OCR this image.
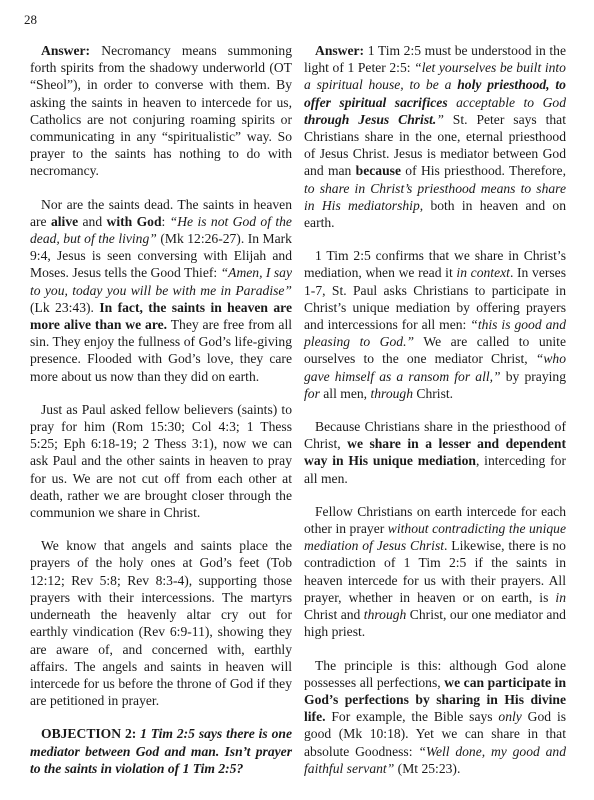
28

Answer: Necromancy means summoning forth spirits from the shadowy underworld (OT “Sheol”), in order to converse with them. By asking the saints in heaven to intercede for us, Catholics are not conjuring roaming spirits or communicating in any “spiritualistic” way. So prayer to the saints has nothing to do with necromancy.

Nor are the saints dead. The saints in heaven are alive and with God: “He is not God of the dead, but of the living” (Mk 12:26-27). In Mark 9:4, Jesus is seen conversing with Elijah and Moses. Jesus tells the Good Thief: “Amen, I say to you, today you will be with me in Paradise” (Lk 23:43). In fact, the saints in heaven are more alive than we are. They are free from all sin. They enjoy the fullness of God’s life-giving presence. Flooded with God’s love, they care more about us now than they did on earth.

Just as Paul asked fellow believers (saints) to pray for him (Rom 15:30; Col 4:3; 1 Thess 5:25; Eph 6:18-19; 2 Thess 3:1), now we can ask Paul and the other saints in heaven to pray for us. We are not cut off from each other at death, rather we are brought closer through the communion we share in Christ.

We know that angels and saints place the prayers of the holy ones at God’s feet (Tob 12:12; Rev 5:8; Rev 8:3-4), supporting those prayers with their intercessions. The martyrs underneath the heavenly altar cry out for earthly vindication (Rev 6:9-11), showing they are aware of, and concerned with, earthly affairs. The angels and saints in heaven will intercede for us before the throne of God if they are petitioned in prayer.

OBJECTION 2: 1 Tim 2:5 says there is one mediator between God and man. Isn’t prayer to the saints in violation of 1 Tim 2:5?

Answer: 1 Tim 2:5 must be understood in the light of 1 Peter 2:5: “let yourselves be built into a spiritual house, to be a holy priesthood, to offer spiritual sacrifices acceptable to God through Jesus Christ.” St. Peter says that Christians share in the one, eternal priesthood of Jesus Christ. Jesus is mediator between God and man because of His priesthood. Therefore, to share in Christ’s priesthood means to share in His mediatorship, both in heaven and on earth.

1 Tim 2:5 confirms that we share in Christ’s mediation, when we read it in context. In verses 1-7, St. Paul asks Christians to participate in Christ’s unique mediation by offering prayers and intercessions for all men: “this is good and pleasing to God.” We are called to unite ourselves to the one mediator Christ, “who gave himself as a ransom for all,” by praying for all men, through Christ.

Because Christians share in the priesthood of Christ, we share in a lesser and dependent way in His unique mediation, interceding for all men.

Fellow Christians on earth intercede for each other in prayer without contradicting the unique mediation of Jesus Christ. Likewise, there is no contradiction of 1 Tim 2:5 if the saints in heaven intercede for us with their prayers. All prayer, whether in heaven or on earth, is in Christ and through Christ, our one mediator and high priest.

The principle is this: although God alone possesses all perfections, we can participate in God’s perfections by sharing in His divine life. For example, the Bible says only God is good (Mk 10:18). Yet we can share in that absolute Goodness: “Well done, my good and faithful servant” (Mt 25:23).
